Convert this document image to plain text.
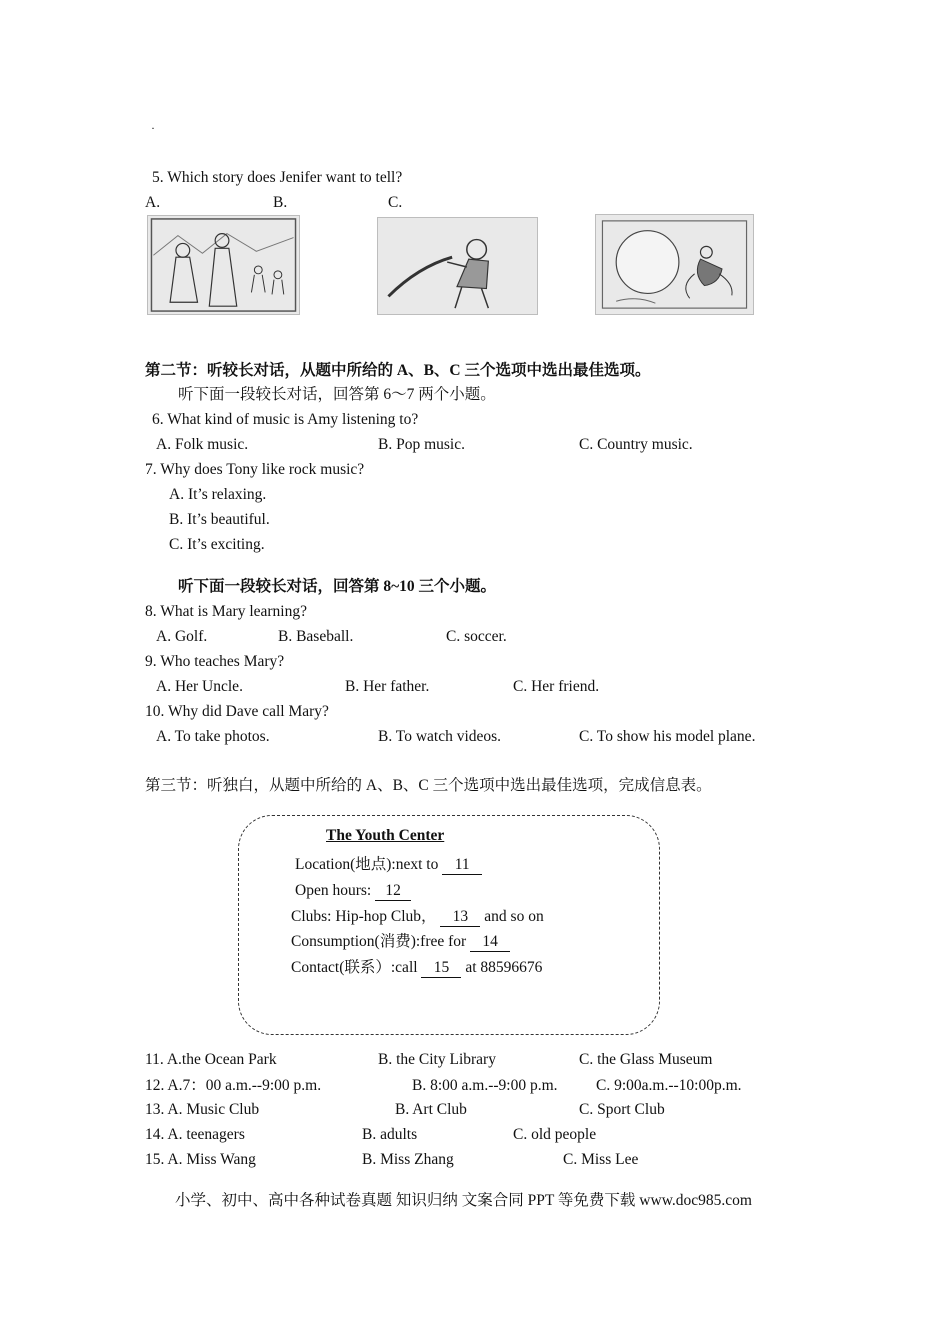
·
5. Which story does Jenifer want to tell?
A.	B.	C.
第二节：听较长对话，从题中所给的 A、B、C 三个选项中选出最佳选项。
听下面一段较长对话，回答第 6～7 两个小题。
6. What kind of music is Amy listening to?
A. Folk music.	B. Pop music.	C. Country music.
7. Why does Tony like rock music?
A. It’s relaxing.
B. It’s beautiful.
C. It’s exciting.
听下面一段较长对话，回答第 8~10 三个小题。
8. What is Mary learning?
A. Golf.	B. Baseball.	C. soccer.
9. Who teaches Mary?
A. Her Uncle.	B. Her father.	C. Her friend.
10. Why did Dave call Mary?
A. To take photos.	B. To watch videos.	C. To show his model plane.
第三节：听独白，从题中所给的 A、B、C 三个选项中选出最佳选项，完成信息表。
The Youth Center
Location(地点):next to 11
Open hours: 12
Clubs: Hip-hop Club， 13 and so on
Consumption(消费):free for 14
Contact(联系）:call 15 at 88596676
11. A.the Ocean Park	B. the City Library	C. the Glass Museum
12. A.7：00 a.m.--9:00 p.m.	B. 8:00 a.m.--9:00 p.m. C. 9:00a.m.--10:00p.m.
13. A. Music Club	B. Art Club	C. Sport Club
14. A. teenagers	B. adults	C. old people
15. A. Miss Wang	B. Miss Zhang	C. Miss Lee
小学、初中、高中各种试卷真题 知识归纳 文案合同 PPT 等免费下载 www.doc985.com
